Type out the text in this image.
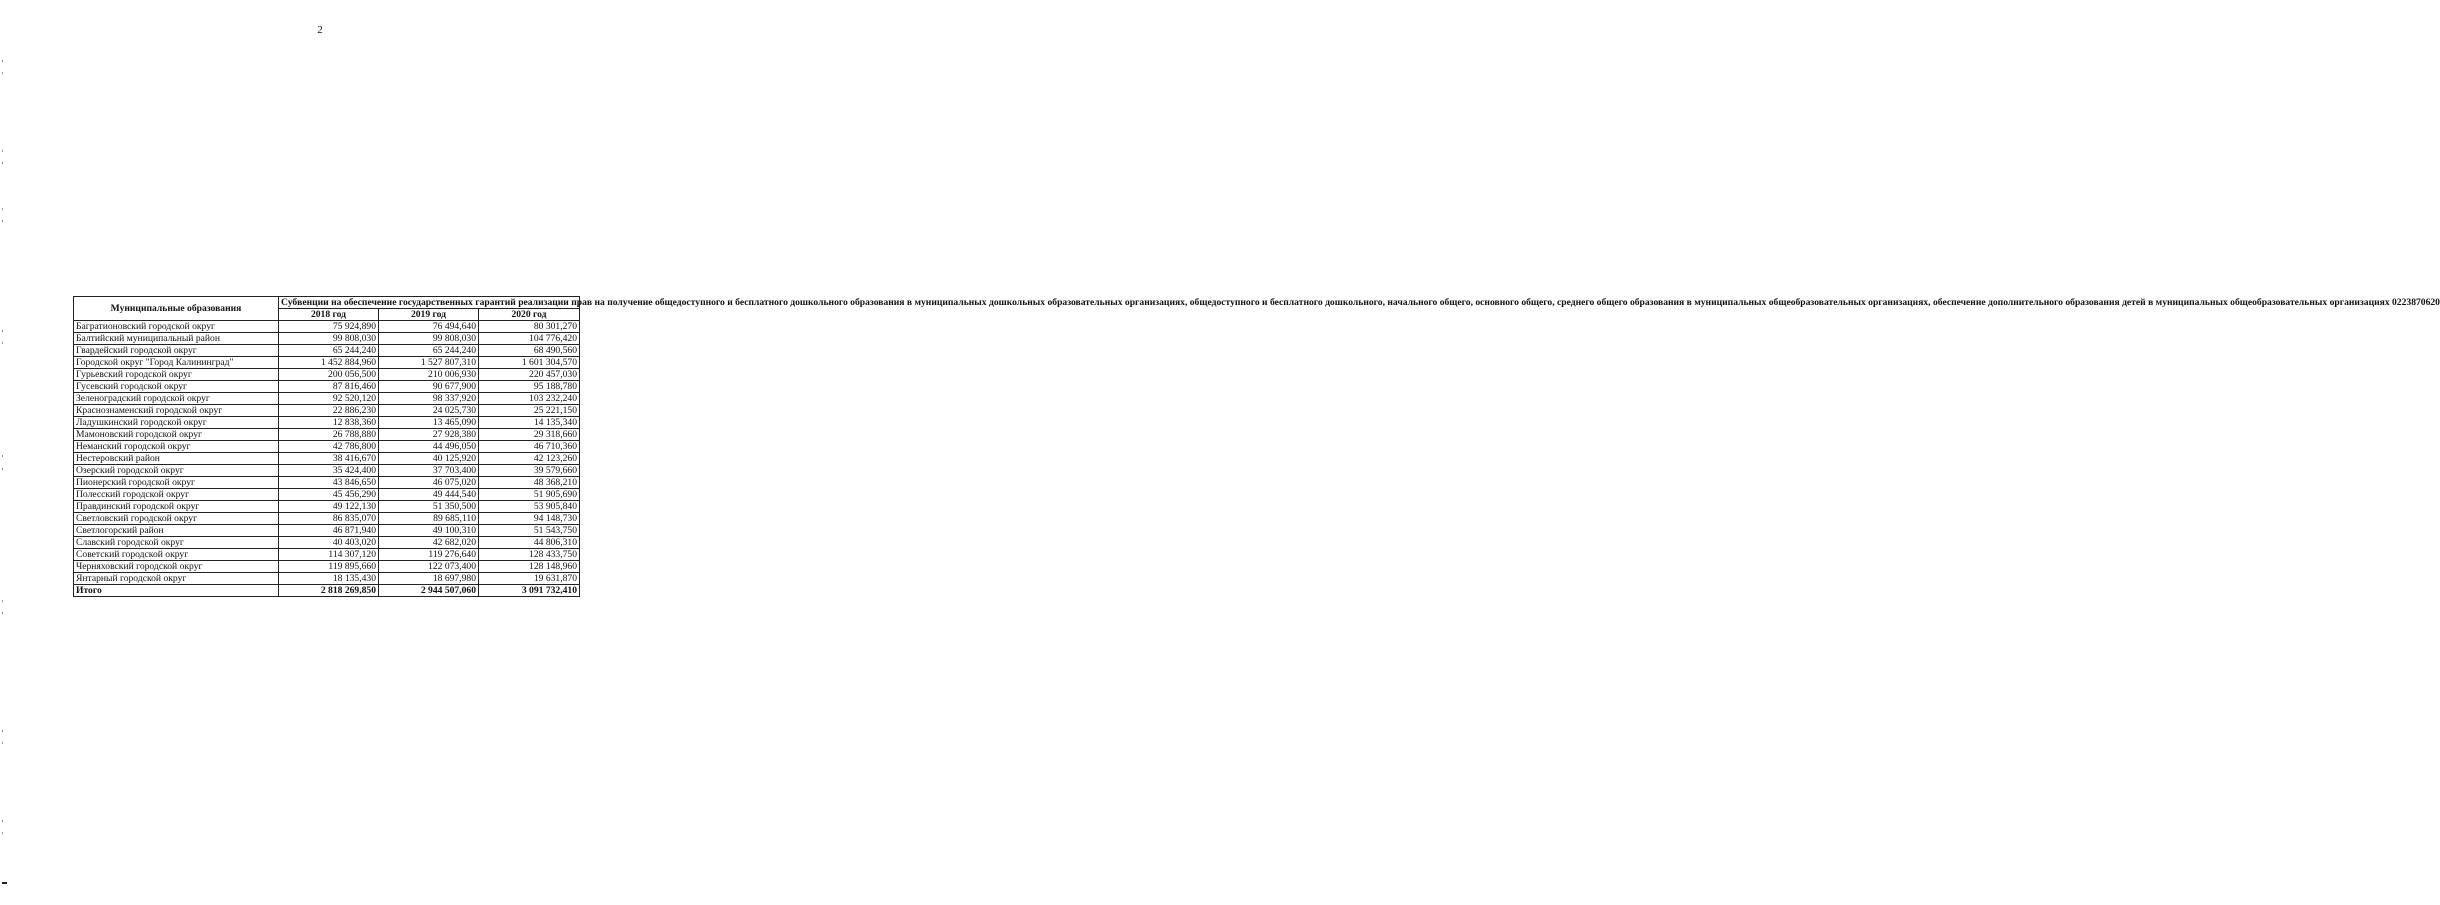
2
Муниципальные образования	Субвенции на обеспечение государственных гарантий реализации прав на получение общедоступного и бесплатного дошкольного образования в муниципальных дошкольных образовательных организациях, общедоступного и бесплатного дошкольного, начального общего, основного общего, среднего общего образования в муниципальных общеобразовательных организациях, обеспечение дополнительного образования детей в муниципальных общеобразовательных организациях 0223870620		
	2018 год	2019 год	2020 год
Багратионовский городской округ	75 924,890	76 494,640	80 301,270
Балтийский муниципальный район	99 808,030	99 808,030	104 776,420
Гвардейский городской округ	65 244,240	65 244,240	68 490,560
Городской округ "Город Калининград"	1 452 884,960	1 527 807,310	1 601 304,570
Гурьевский городской округ	200 056,500	210 006,930	220 457,030
Гусевский городской округ	87 816,460	90 677,900	95 188,780
Зеленоградский городской округ	92 520,120	98 337,920	103 232,240
Краснознаменский городской округ	22 886,230	24 025,730	25 221,150
Ладушкинский городской округ	12 838,360	13 465,090	14 135,340
Мамоновский городской округ	26 788,880	27 928,380	29 318,660
Неманский городской округ	42 786,800	44 496,050	46 710,360
Нестеровский район	38 416,670	40 125,920	42 123,260
Озерский городской округ	35 424,400	37 703,400	39 579,660
Пионерский городской округ	43 846,650	46 075,020	48 368,210
Полесский городской округ	45 456,290	49 444,540	51 905,690
Правдинский городской округ	49 122,130	51 350,500	53 905,840
Светловский городской округ	86 835,070	89 685,110	94 148,730
Светлогорский район	46 871,940	49 100,310	51 543,750
Славский городской округ	40 403,020	42 682,020	44 806,310
Советский городской округ	114 307,120	119 276,640	128 433,750
Черняховский городской округ	119 895,660	122 073,400	128 148,960
Янтарный городской округ	18 135,430	18 697,980	19 631,870
Итого	2 818 269,850	2 944 507,060	3 091 732,410
